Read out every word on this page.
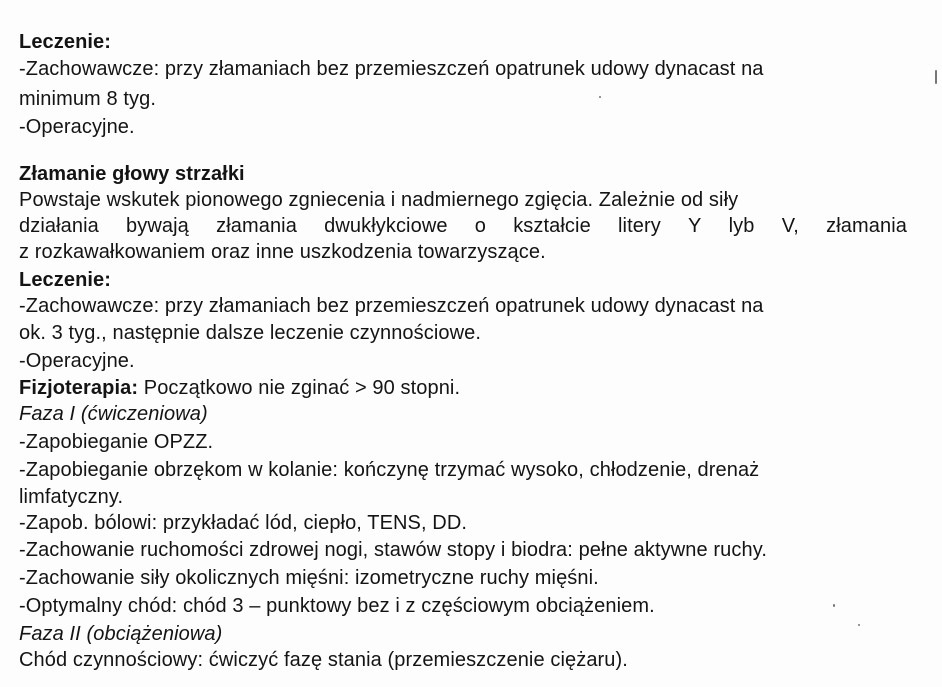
Leczenie:
-Zachowawcze: przy złamaniach bez przemieszczeń opatrunek udowy dynacast na
minimum 8 tyg.
-Operacyjne.
Złamanie głowy strzałki
Powstaje wskutek pionowego zgniecenia i nadmiernego zgięcia. Zależnie od siły
działania bywają złamania dwukłykciowe o kształcie litery Y lyb V, złamania
z rozkawałkowaniem oraz inne uszkodzenia towarzyszące.
Leczenie:
-Zachowawcze: przy złamaniach bez przemieszczeń opatrunek udowy dynacast na
ok. 3 tyg., następnie dalsze leczenie czynnościowe.
-Operacyjne.
Fizjoterapia: Początkowo nie zginać > 90 stopni.
Faza I (ćwiczeniowa)
-Zapobieganie OPZZ.
-Zapobieganie obrzękom w kolanie: kończynę trzymać wysoko, chłodzenie, drenaż
limfatyczny.
-Zapob. bólowi: przykładać lód, ciepło, TENS, DD.
-Zachowanie ruchomości zdrowej nogi, stawów stopy i biodra: pełne aktywne ruchy.
-Zachowanie siły okolicznych mięśni: izometryczne ruchy mięśni.
-Optymalny chód: chód 3 – punktowy bez i z częściowym obciążeniem.
Faza II (obciążeniowa)
Chód czynnościowy: ćwiczyć fazę stania (przemieszczenie ciężaru).
